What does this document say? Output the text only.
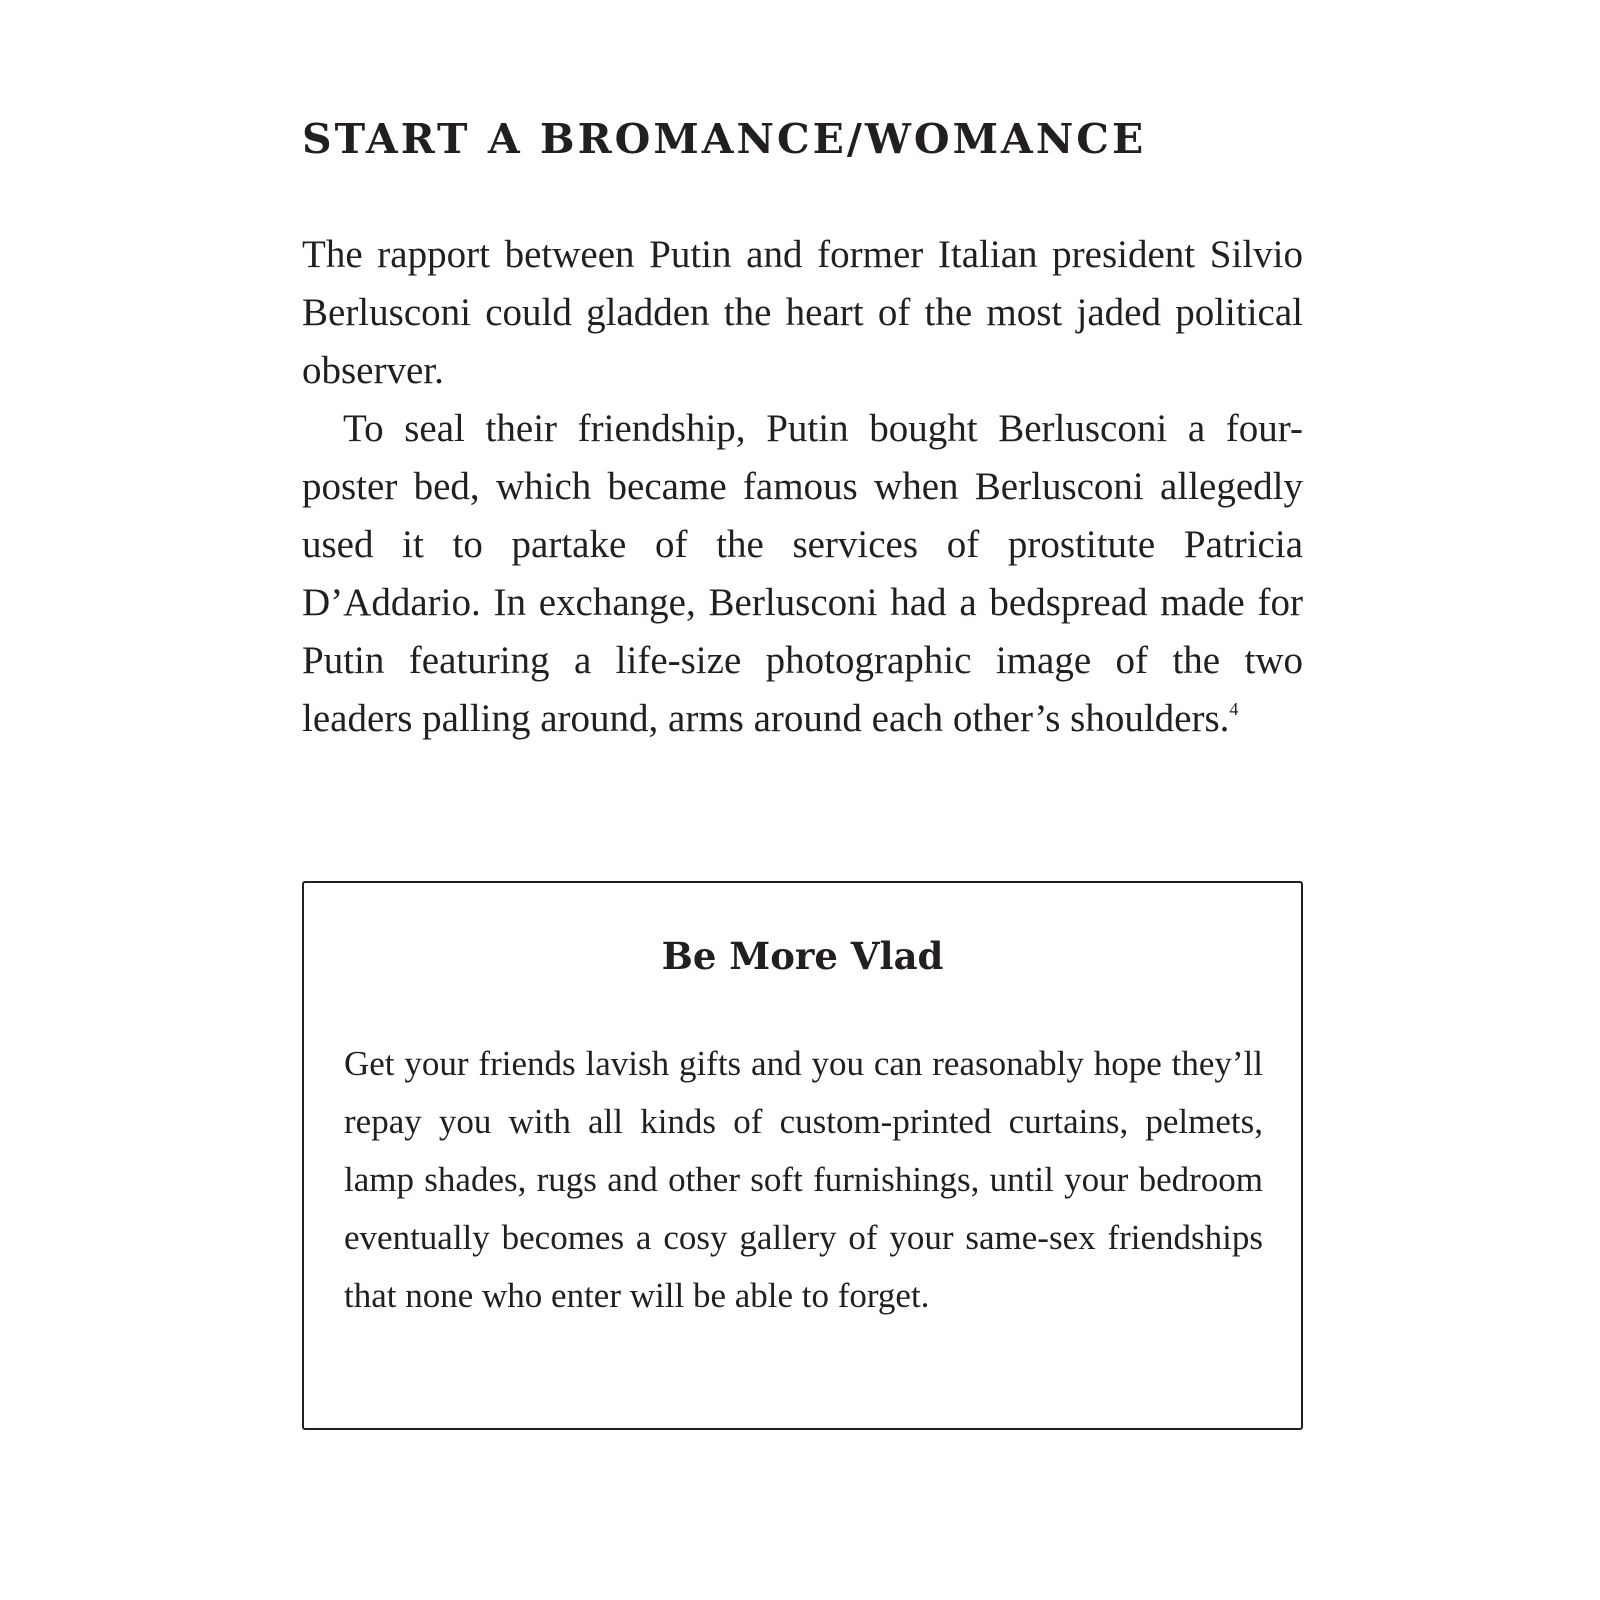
START A BROMANCE/WOMANCE

The rapport between Putin and former Italian president Silvio Berlusconi could gladden the heart of the most jaded political observer.

To seal their friendship, Putin bought Berlusconi a four-poster bed, which became famous when Berlusconi allegedly used it to partake of the services of prostitute Patricia D’Addario. In exchange, Berlusconi had a bedspread made for Putin featuring a life-size photographic image of the two leaders palling around, arms around each other’s shoulders.$^4$

Be More Vlad

Get your friends lavish gifts and you can reasonably hope they’ll repay you with all kinds of custom-printed curtains, pelmets, lamp shades, rugs and other soft furnishings, until your bedroom eventually becomes a cosy gallery of your same-sex friendships that none who enter will be able to forget.
